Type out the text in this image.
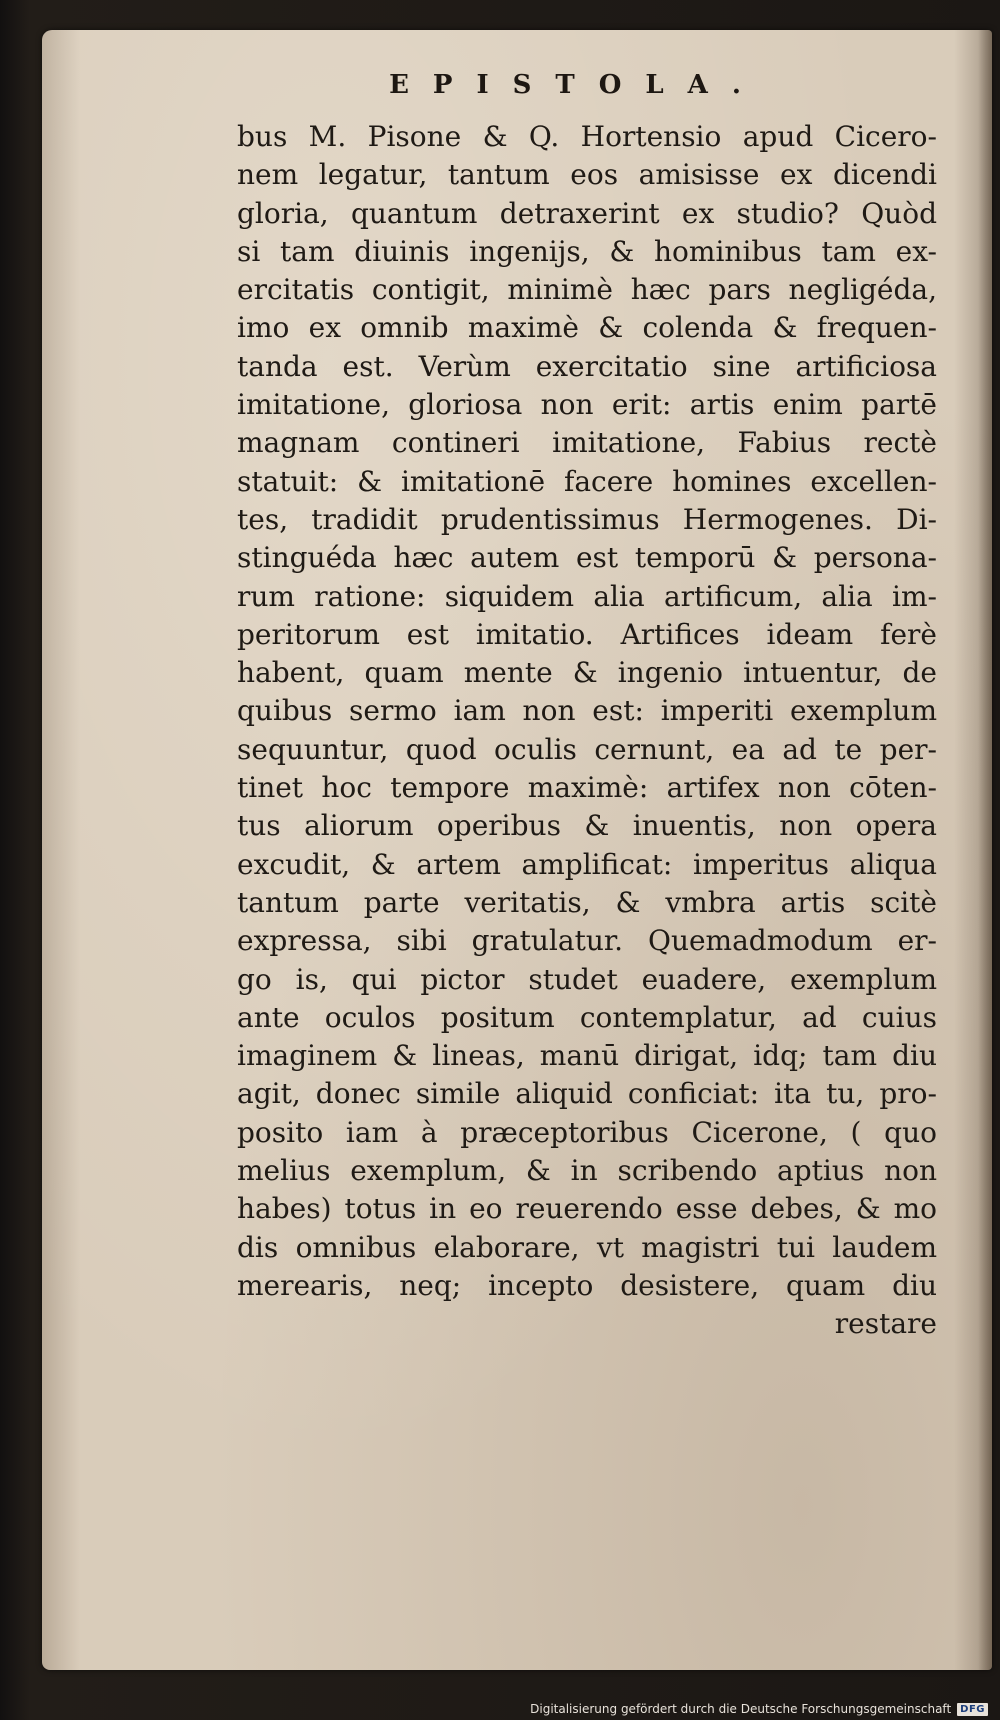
EPISTOLA.
bus M. Pisone & Q. Hortensio apud Cicero-
nem legatur, tantum eos amisisse ex dicendi
gloria, quantum detraxerint ex studio? Quòd
si tam diuinis ingenijs, & hominibus tam ex-
ercitatis contigit, minimè hæc pars negligéda,
imo ex omnib maximè & colenda & frequen-
tanda est. Verùm exercitatio sine artificiosa
imitatione, gloriosa non erit: artis enim partē
magnam contineri imitatione, Fabius rectè
statuit: & imitationē facere homines excellen-
tes, tradidit prudentissimus Hermogenes. Di-
stinguéda hæc autem est temporū & persona-
rum ratione: siquidem alia artificum, alia im-
peritorum est imitatio. Artifices ideam ferè
habent, quam mente & ingenio intuentur, de
quibus sermo iam non est: imperiti exemplum
sequuntur, quod oculis cernunt, ea ad te per-
tinet hoc tempore maximè: artifex non cōten-
tus aliorum operibus & inuentis, non opera
excudit, & artem amplificat: imperitus aliqua
tantum parte veritatis, & vmbra artis scitè
expressa, sibi gratulatur. Quemadmodum er-
go is, qui pictor studet euadere, exemplum
ante oculos positum contemplatur, ad cuius
imaginem & lineas, manū dirigat, idq; tam diu
agit, donec simile aliquid conficiat: ita tu, pro-
posito iam à præceptoribus Cicerone, ( quo
melius exemplum, & in scribendo aptius non
habes) totus in eo reuerendo esse debes, & mo
dis omnibus elaborare, vt magistri tui laudem
merearis, neq; incepto desistere, quam diu
restare
Digitalisierung gefördert durch die Deutsche Forschungsgemeinschaft DFG
